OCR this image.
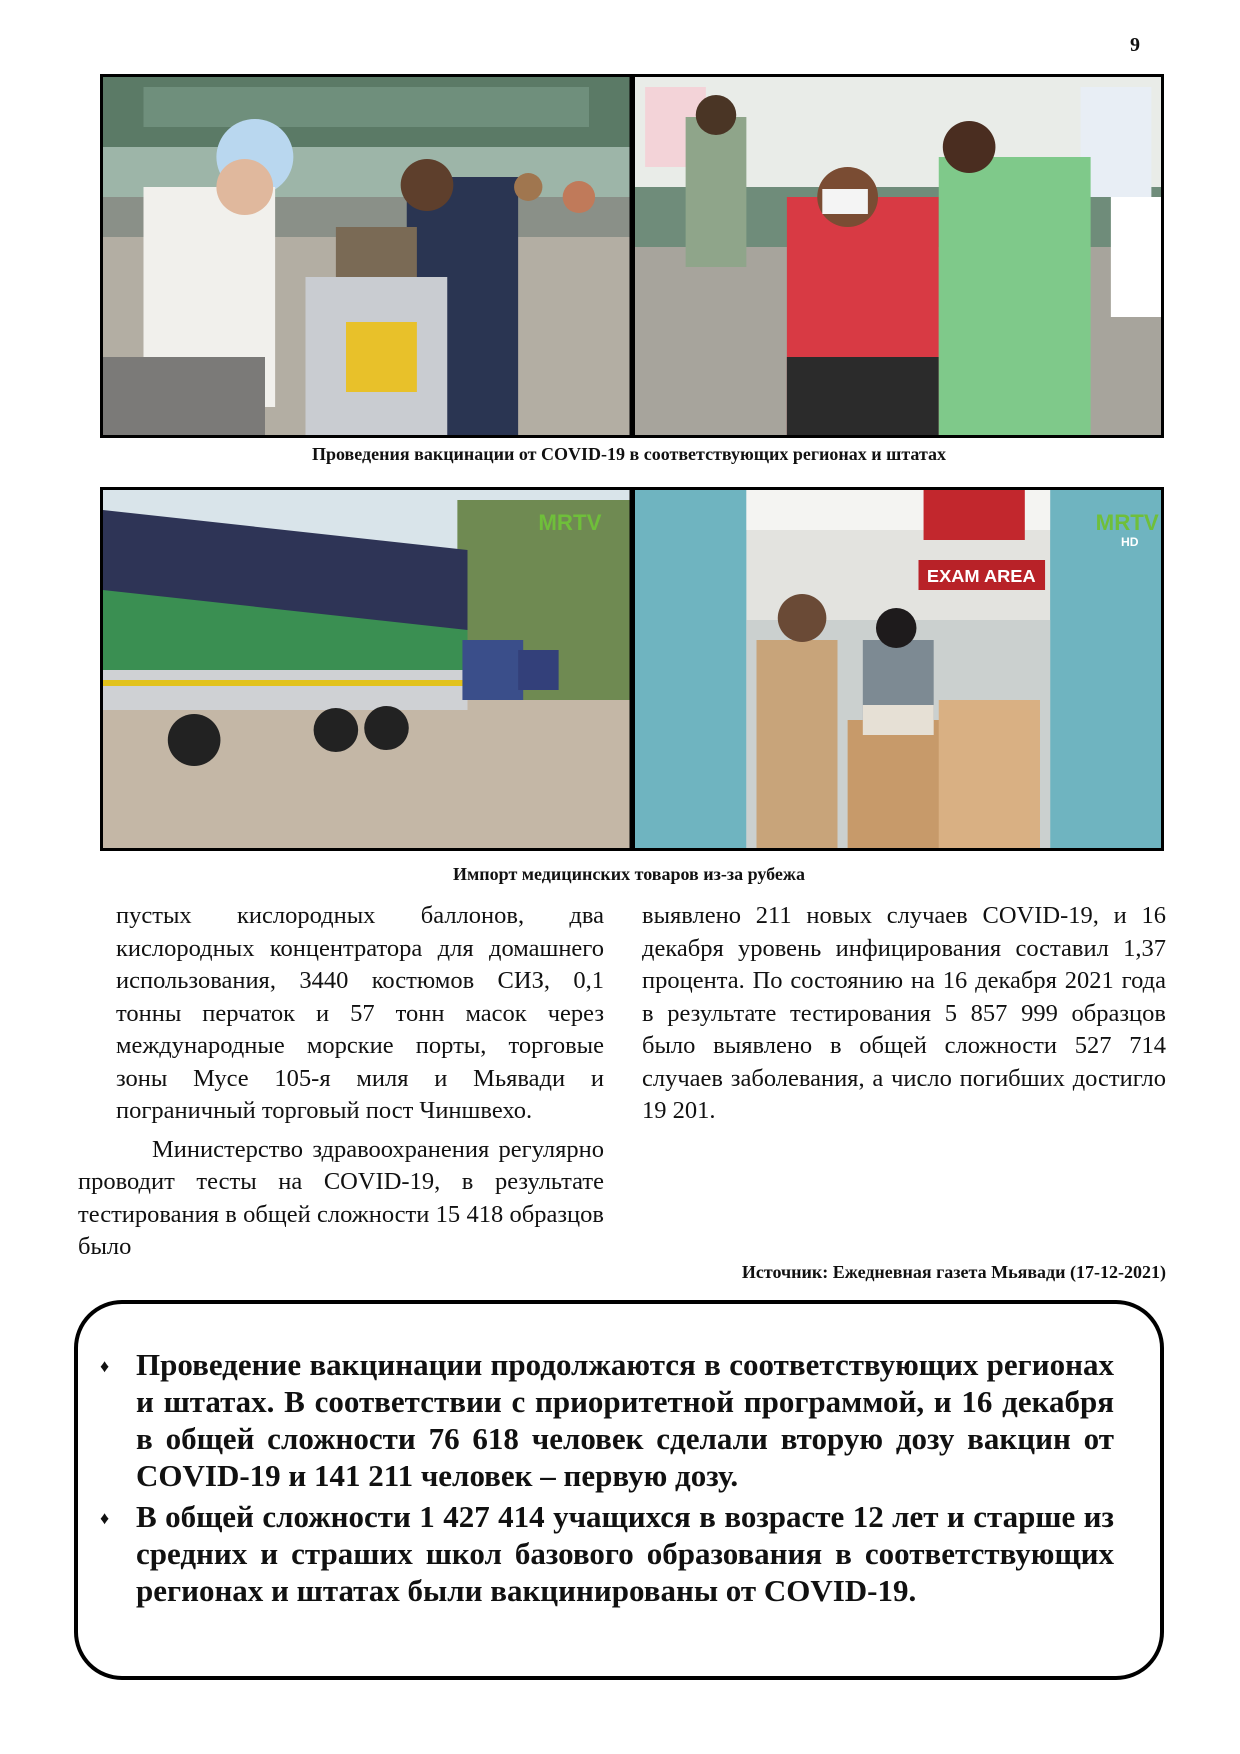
9
Проведения вакцинации от COVID-19 в соответствующих регионах и штатах
MRTV
EXAM AREA
MRTV
HD
Импорт медицинских товаров из-за рубежа

пустых кислородных баллонов, два кислородных концентратора для домашнего использования, 3440 костюмов СИЗ, 0,1 тонны перчаток и 57 тонн масок через международные морские порты, торговые зоны Мусе 105-я миля и Мьявади и пограничный торговый пост Чиншвехо.

Министерство здравоохранения регулярно проводит тесты на COVID-19, в результате тестирования в общей сложности 15 418 образцов было

выявлено 211 новых случаев COVID-19, и 16 декабря уровень инфицирования составил 1,37 процента. По состоянию на 16 декабря 2021 года в результате тестирования 5 857 999 образцов было выявлено в общей сложности 527 714 случаев заболевания, а число погибших достигло 19 201.

Источник: Ежедневная газета Мьявади (17-12-2021)
♦ Проведение вакцинации продолжаются в соответствующих регионах и штатах. В соответствии с приоритетной программой, и 16 декабря в общей сложности 76 618 человек сделали вторую дозу вакцин от COVID-19 и 141 211 человек – первую дозу.
♦ В общей сложности 1 427 414 учащихся в возрасте 12 лет и старше из средних и страших школ базового образования в соответствующих регионах и штатах были вакцинированы от COVID-19.
